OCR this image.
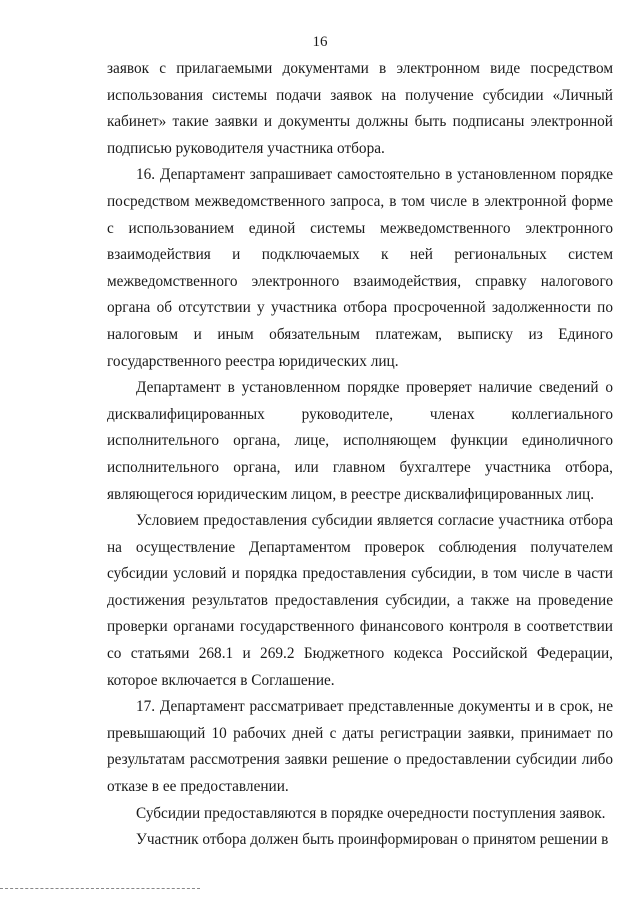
16

заявок с прилагаемыми документами в электронном виде посредством использования системы подачи заявок на получение субсидии «Личный кабинет» такие заявки и документы должны быть подписаны электронной подписью руководителя участника отбора.

16. Департамент запрашивает самостоятельно в установленном порядке посредством межведомственного запроса, в том числе в электронной форме с использованием единой системы межведомственного электронного взаимодействия и подключаемых к ней региональных систем межведомственного электронного взаимодействия, справку налогового органа об отсутствии у участника отбора просроченной задолженности по налоговым и иным обязательным платежам, выписку из Единого государственного реестра юридических лиц.

Департамент в установленном порядке проверяет наличие сведений о дисквалифицированных руководителе, членах коллегиального исполнительного органа, лице, исполняющем функции единоличного исполнительного органа, или главном бухгалтере участника отбора, являющегося юридическим лицом, в реестре дисквалифицированных лиц.

Условием предоставления субсидии является согласие участника отбора на осуществление Департаментом проверок соблюдения получателем субсидии условий и порядка предоставления субсидии, в том числе в части достижения результатов предоставления субсидии, а также на проведение проверки органами государственного финансового контроля в соответствии со статьями 268.1 и 269.2 Бюджетного кодекса Российской Федерации, которое включается в Соглашение.

17. Департамент рассматривает представленные документы и в срок, не превышающий 10 рабочих дней с даты регистрации заявки, принимает по результатам рассмотрения заявки решение о предоставлении субсидии либо отказе в ее предоставлении.

Субсидии предоставляются в порядке очередности поступления заявок.

Участник отбора должен быть проинформирован о принятом решении в
